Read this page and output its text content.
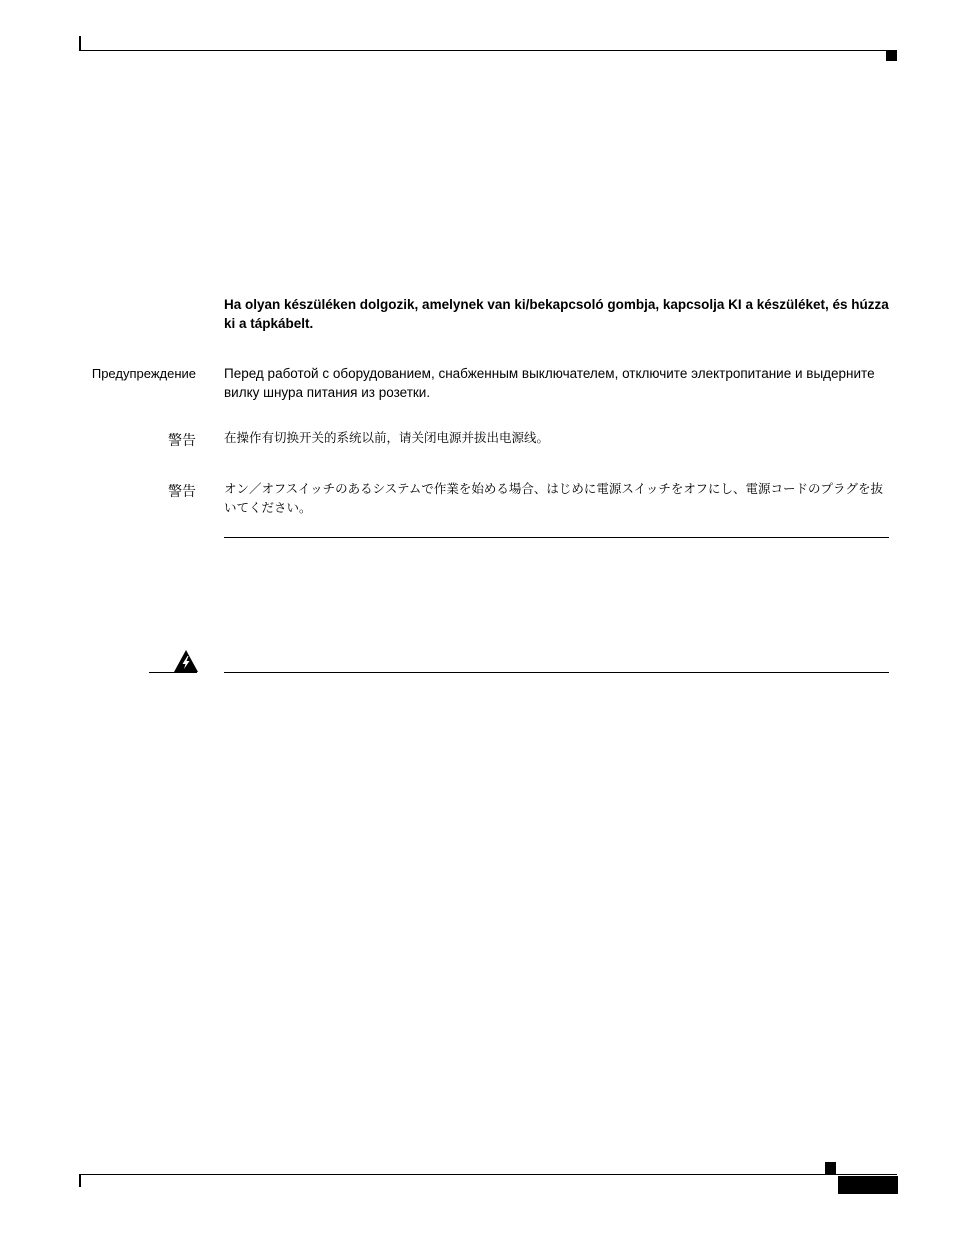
Ha olyan készüléken dolgozik, amelynek van ki/bekapcsoló gombja, kapcsolja KI a készüléket, és húzza ki a tápkábelt.
Предупреждение Перед работой с оборудованием, снабженным выключателем, отключите электропитание и выдерните вилку шнура питания из розетки.
警告 在操作有切换开关的系统以前，请关闭电源并拔出电源线。
警告 オン／オフスイッチのあるシステムで作業を始める場合、はじめに電源スイッチをオフにし、電源コードのプラグを抜いてください。
